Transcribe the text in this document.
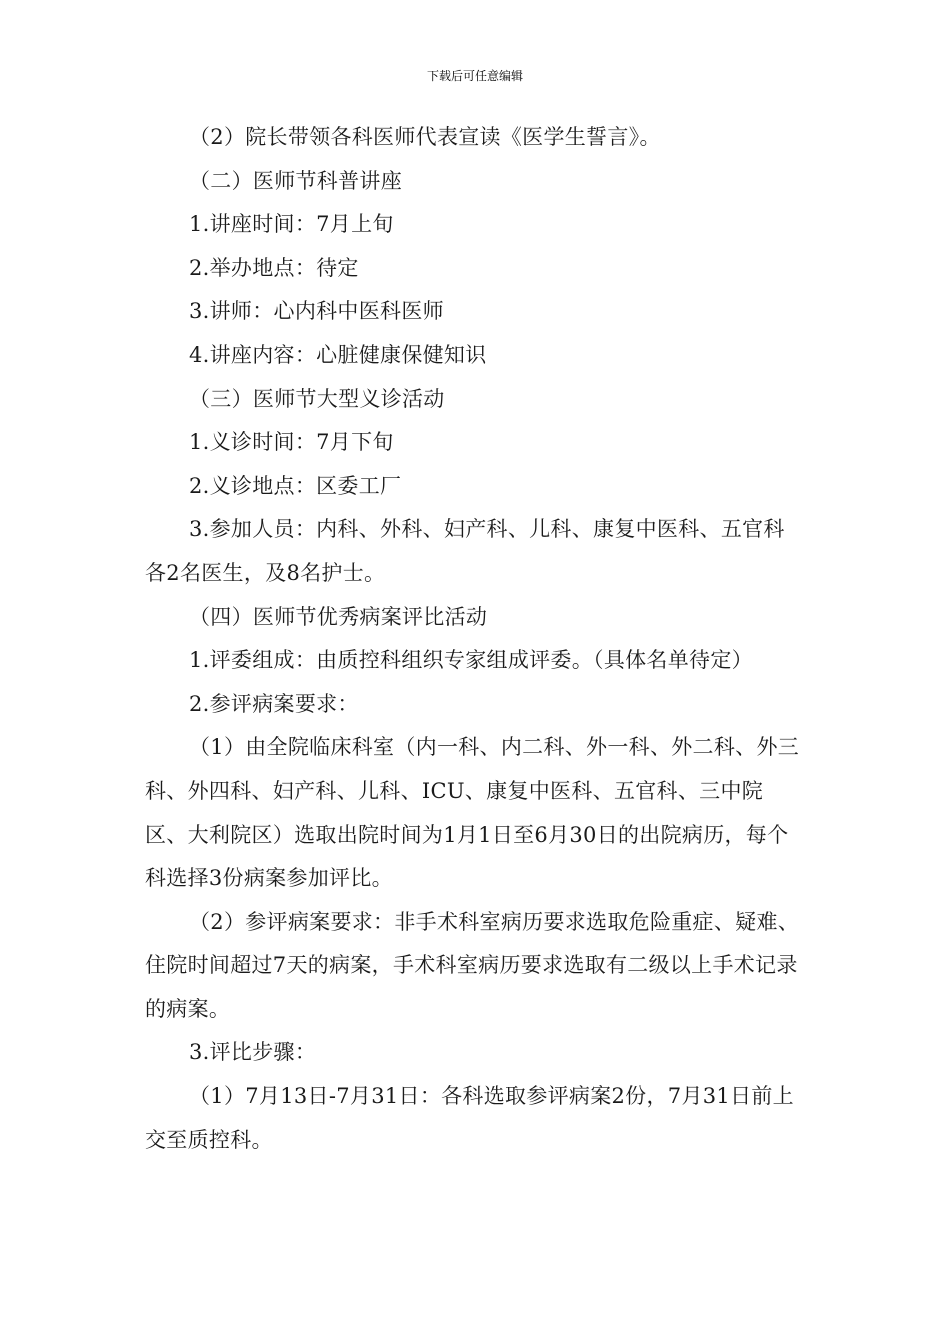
下载后可任意编辑

（2）院长带领各科医师代表宣读《医学生誓言》。

（二）医师节科普讲座

1.讲座时间：7月上旬

2.举办地点：待定

3.讲师：心内科中医科医师

4.讲座内容：心脏健康保健知识

（三）医师节大型义诊活动

1.义诊时间：7月下旬

2.义诊地点：区委工厂

3.参加人员：内科、外科、妇产科、儿科、康复中医科、五官科各2名医生，及8名护士。

（四）医师节优秀病案评比活动

1.评委组成：由质控科组织专家组成评委。（具体名单待定）

2.参评病案要求：

（1）由全院临床科室（内一科、内二科、外一科、外二科、外三科、外四科、妇产科、儿科、ICU、康复中医科、五官科、三中院区、大利院区）选取出院时间为1月1日至6月30日的出院病历，每个科选择3份病案参加评比。

（2）参评病案要求：非手术科室病历要求选取危险重症、疑难、住院时间超过7天的病案，手术科室病历要求选取有二级以上手术记录的病案。

3.评比步骤：

（1）7月13日-7月31日：各科选取参评病案2份，7月31日前上交至质控科。
